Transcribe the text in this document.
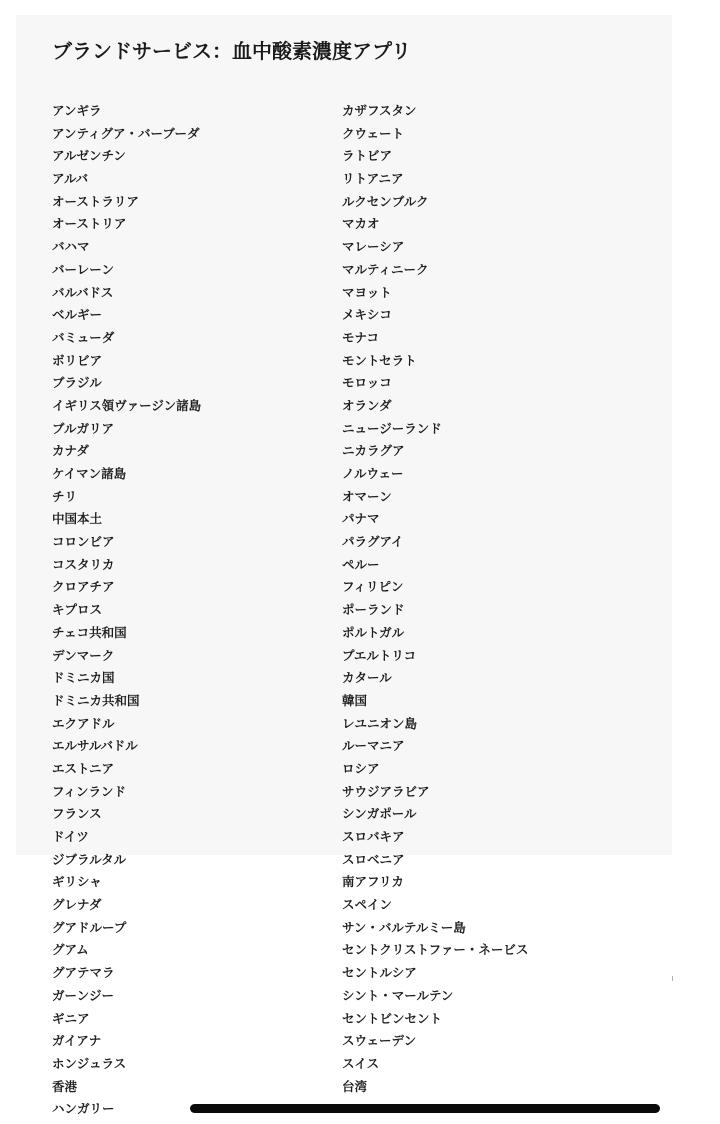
ブランドサービス：血中酸素濃度アプリ
アンギラ
アンティグア・バーブーダ
アルゼンチン
アルバ
オーストラリア
オーストリア
バハマ
バーレーン
バルバドス
ベルギー
バミューダ
ボリビア
ブラジル
イギリス領ヴァージン諸島
ブルガリア
カナダ
ケイマン諸島
チリ
中国本土
コロンビア
コスタリカ
クロアチア
キプロス
チェコ共和国
デンマーク
ドミニカ国
ドミニカ共和国
エクアドル
エルサルバドル
エストニア
フィンランド
フランス
ドイツ
ジブラルタル
ギリシャ
グレナダ
グアドループ
グアム
グアテマラ
ガーンジー
ギニア
ガイアナ
ホンジュラス
香港
ハンガリー
カザフスタン
クウェート
ラトビア
リトアニア
ルクセンブルク
マカオ
マレーシア
マルティニーク
マヨット
メキシコ
モナコ
モントセラト
モロッコ
オランダ
ニュージーランド
ニカラグア
ノルウェー
オマーン
パナマ
パラグアイ
ペルー
フィリピン
ポーランド
ポルトガル
プエルトリコ
カタール
韓国
レユニオン島
ルーマニア
ロシア
サウジアラビア
シンガポール
スロバキア
スロベニア
南アフリカ
スペイン
サン・バルテルミー島
セントクリストファー・ネービス
セントルシア
シント・マールテン
セントビンセント
スウェーデン
スイス
台湾
